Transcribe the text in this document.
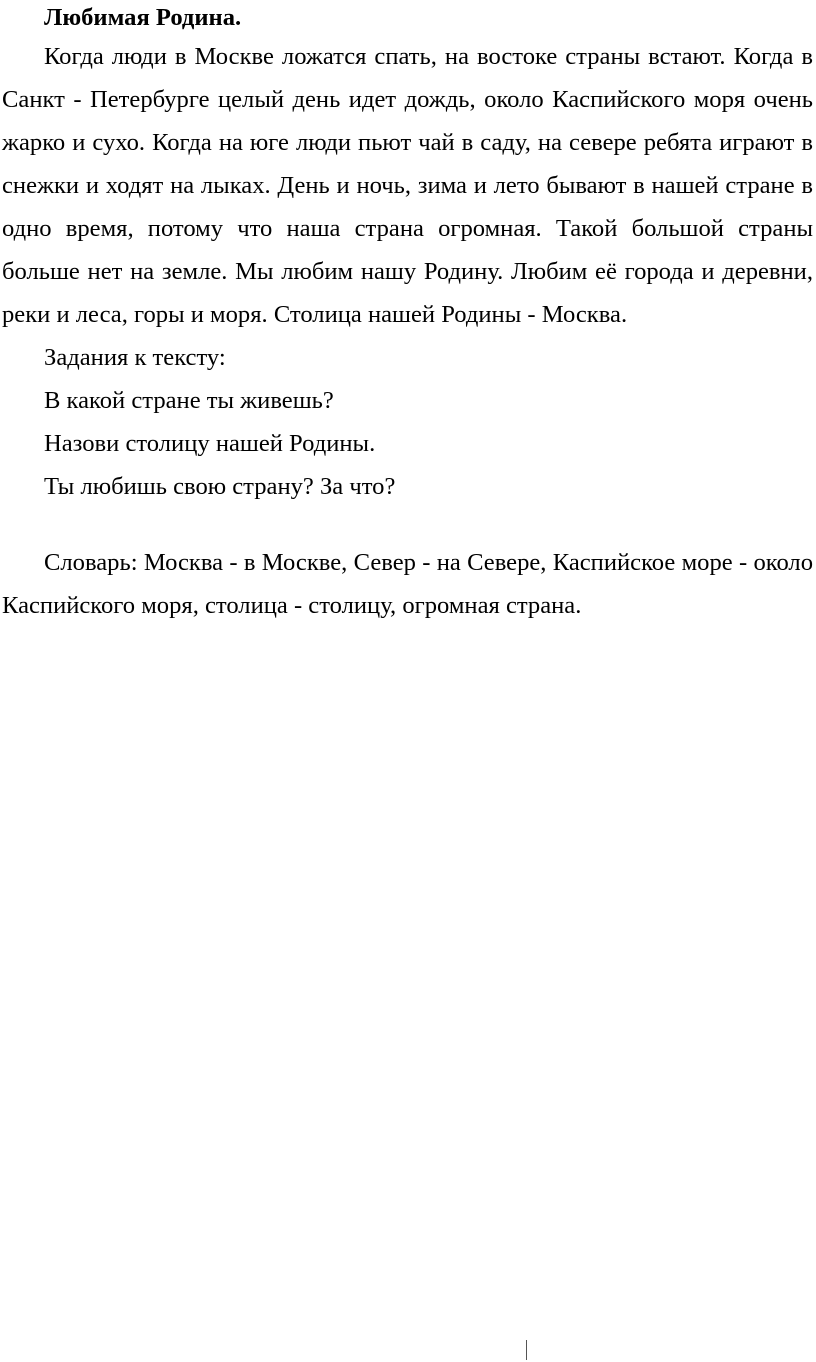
Любимая Родина.

Когда люди в Москве ложатся спать, на востоке страны встают. Когда в Санкт - Петербурге целый день идет дождь, около Каспийского моря очень жарко и сухо. Когда на юге люди пьют чай в саду, на севере ребята играют в снежки и ходят на лыках. День и ночь, зима и лето бывают в нашей стране в одно время, потому что наша страна огромная. Такой большой страны больше нет на земле. Мы любим нашу Родину. Любим её города и деревни, реки и леса, горы и моря. Столица нашей Родины - Москва.

Задания к тексту:

В какой стране ты живешь?

Назови столицу нашей Родины.

Ты любишь свою страну? За что?

Словарь: Москва - в Москве, Север - на Севере, Каспийское море - около Каспийского моря, столица - столицу, огромная страна.
